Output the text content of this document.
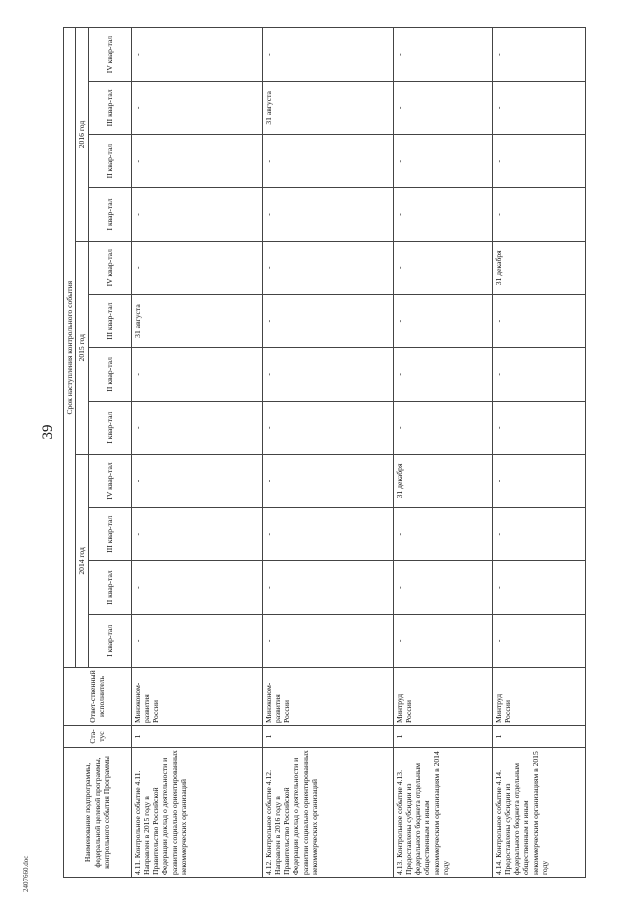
39
2407660.doc
Наименование подпрограммы, федеральной целевой программы, контрольного события Программы	Ста-тус	Ответ-ственный исполнитель	Срок наступления контрольного события											
			2014 год				2015 год				2016 год			
			I квар-тал	II квар-тал	III квар-тал	IV квар-тал	I квар-тал	II квар-тал	III квар-тал	IV квар-тал	I квар-тал	II квар-тал	III квар-тал	IV квар-тал
4.11. Контрольное событие 4.11. Направлен в 2015 году в Правительство Российской Федерации доклад о деятельности и развитии социально ориентированных некоммерческих организаций	1	Минэконом-развития России	-	-	-	-	-	-	31 августа	-	-	-	-	-
4.12. Контрольное событие 4.12. Направлен в 2016 году в Правительство Российской Федерации доклад о деятельности и развитии социально ориентированных некоммерческих организаций	1	Минэконом-развития России	-	-	-	-	-	-	-	-	-	-	31 августа	-
4.13. Контрольное событие 4.13. Предоставлены субсидии из федерального бюджета отдельным общественным и иным некоммерческим организациям в 2014 году	1	Минтруд России	-	-	-	31 декабря	-	-	-	-	-	-	-	-
4.14. Контрольное событие 4.14. Предоставлены субсидии из федерального бюджета отдельным общественным и иным некоммерческим организациям в 2015 году	1	Минтруд России	-	-	-	-	-	-	-	31 декабря	-	-	-	-
